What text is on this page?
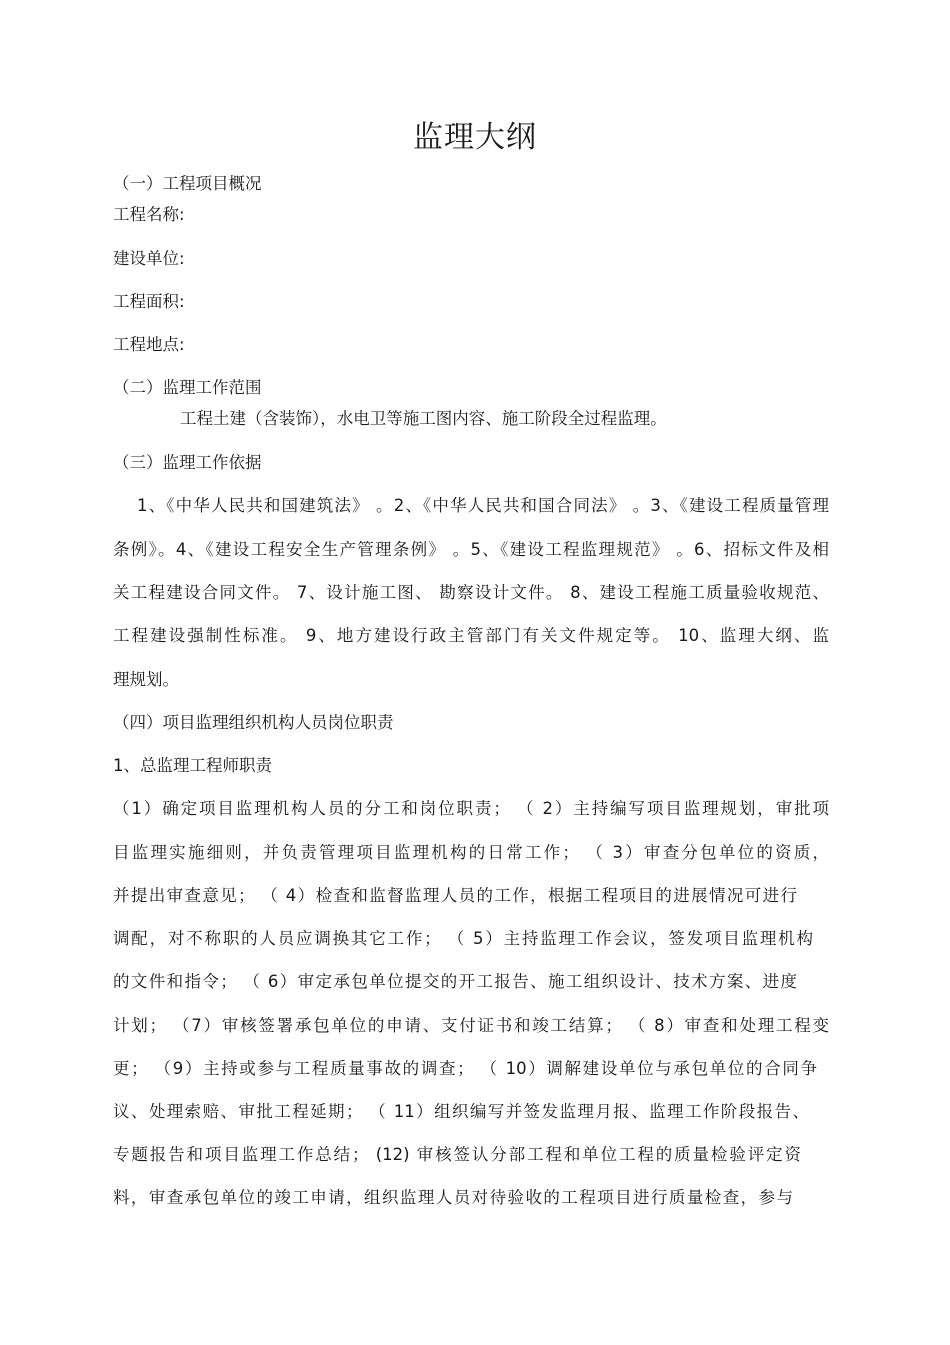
监理大纲
（一）工程项目概况
工程名称:
建设单位:
工程面积:
工程地点:
（二）监理工作范围
工程土建（含装饰），水电卫等施工图内容、施工阶段全过程监理。
（三）监理工作依据
1、《中华人民共和国建筑法》 。2、《中华人民共和国合同法》 。3、《建设工程质量管理
条例》。4、《建设工程安全生产管理条例》 。5、《建设工程监理规范》 。6、招标文件及相
关工程建设合同文件。 7、设计施工图、 勘察设计文件。 8、建设工程施工质量验收规范、
工程建设强制性标准。 9、地方建设行政主管部门有关文件规定等。 10、监理大纲、监
理规划。
（四）项目监理组织机构人员岗位职责
1、总监理工程师职责
（1）确定项目监理机构人员的分工和岗位职责； （ 2）主持编写项目监理规划，审批项
目监理实施细则，并负责管理项目监理机构的日常工作； （ 3）审查分包单位的资质，
并提出审查意见； （ 4）检查和监督监理人员的工作，根据工程项目的进展情况可进行
调配，对不称职的人员应调换其它工作； （ 5）主持监理工作会议，签发项目监理机构
的文件和指令； （ 6）审定承包单位提交的开工报告、施工组织设计、技术方案、进度
计划； （7）审核签署承包单位的申请、支付证书和竣工结算； （ 8）审查和处理工程变
更； （9）主持或参与工程质量事故的调查； （ 10）调解建设单位与承包单位的合同争
议、处理索赔、审批工程延期； （ 11）组织编写并签发监理月报、监理工作阶段报告、
专题报告和项目监理工作总结； (12) 审核签认分部工程和单位工程的质量检验评定资
料，审查承包单位的竣工申请，组织监理人员对待验收的工程项目进行质量检查，参与
